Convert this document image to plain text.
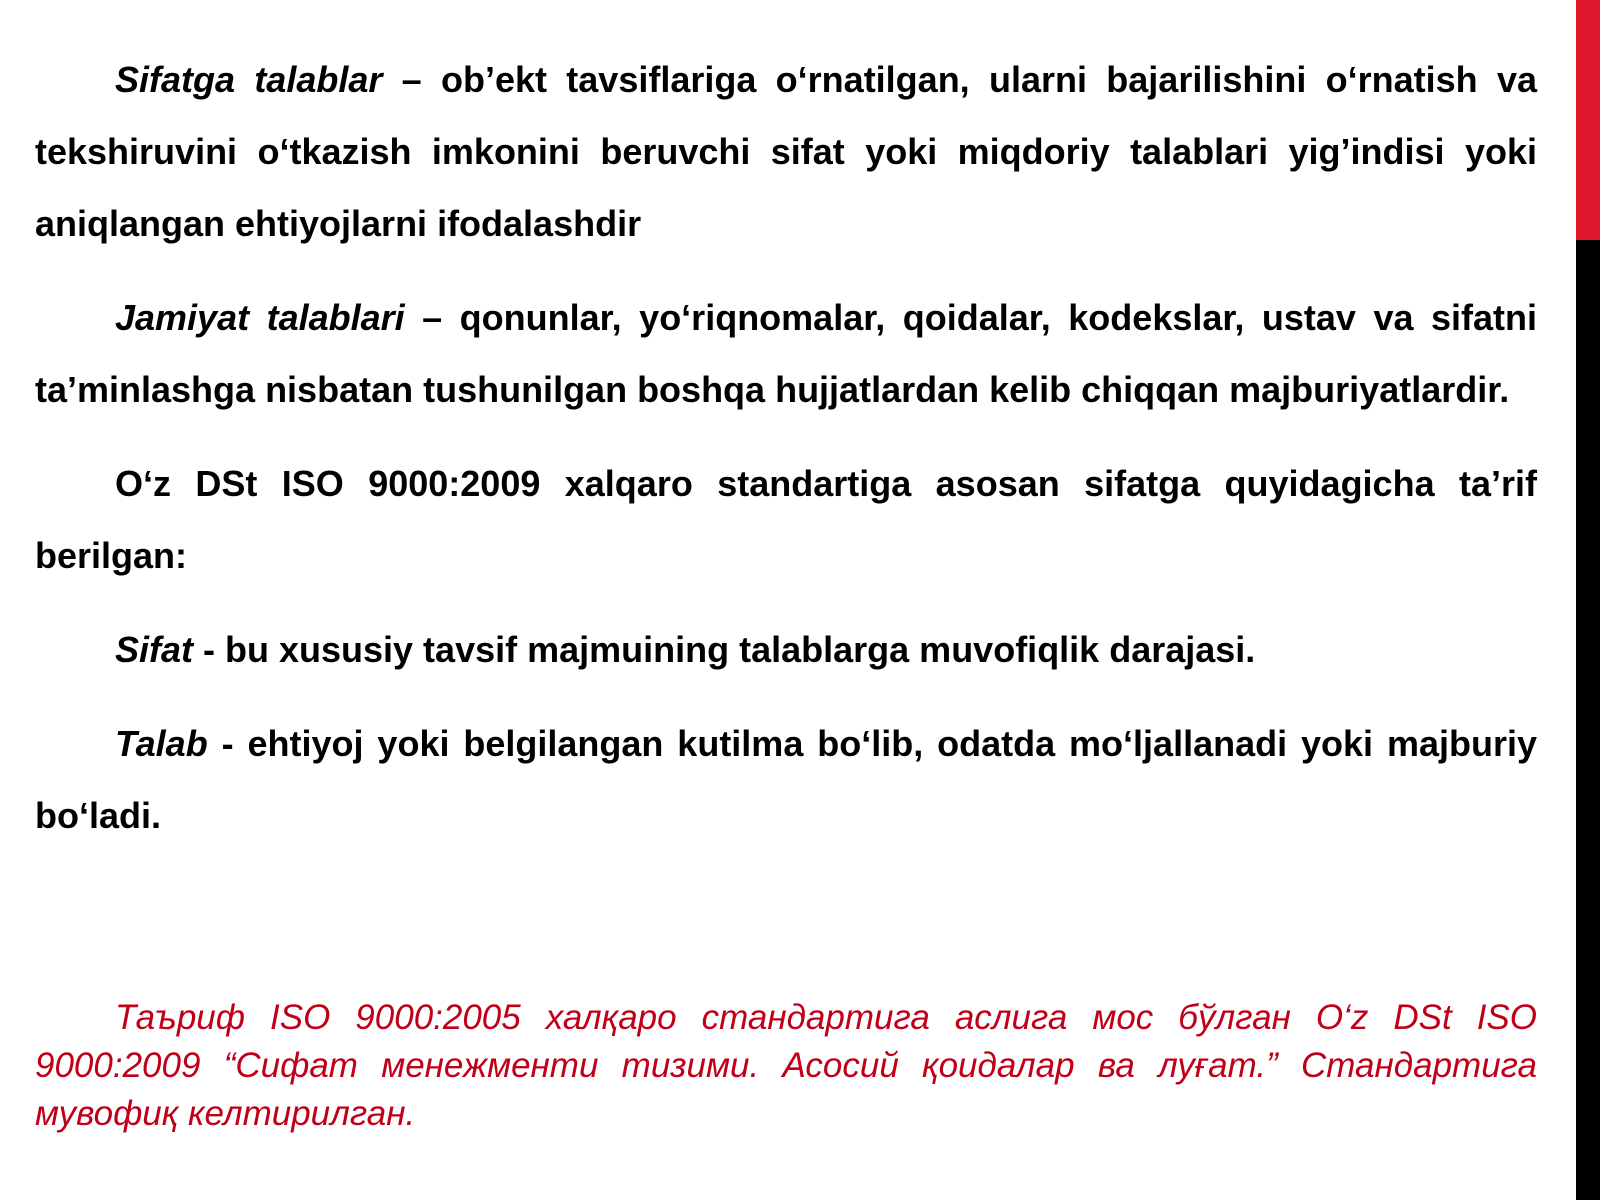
Sifatga talablar – ob’ekt tavsiflariga o‘rnatilgan, ularni bajarilishini o‘rnatish va tekshiruvini o‘tkazish imkonini beruvchi sifat yoki miqdoriy talablari yig’indisi yoki aniqlangan ehtiyojlarni ifodalashdir

Jamiyat talablari – qonunlar, yo‘riqnomalar, qoidalar, kodekslar, ustav va sifatni ta’minlashga nisbatan tushunilgan boshqa hujjatlardan kelib chiqqan majburiyatlardir.

O‘z DSt ISO 9000:2009 xalqaro standartiga asosan sifatga quyidagicha ta’rif berilgan:

Sifat - bu xususiy tavsif majmuining talablarga muvofiqlik darajasi.

Talab - ehtiyoj yoki belgilangan kutilma bo‘lib, odatda mo‘ljallanadi yoki majburiy bo‘ladi.

Таъриф ISO 9000:2005 халқаро стандартига аслига мос бўлган O‘z DSt ISO 9000:2009 “Сифат менежменти тизими. Асосий қоидалар ва луғат.” Стандартига мувофиқ келтирилган.
